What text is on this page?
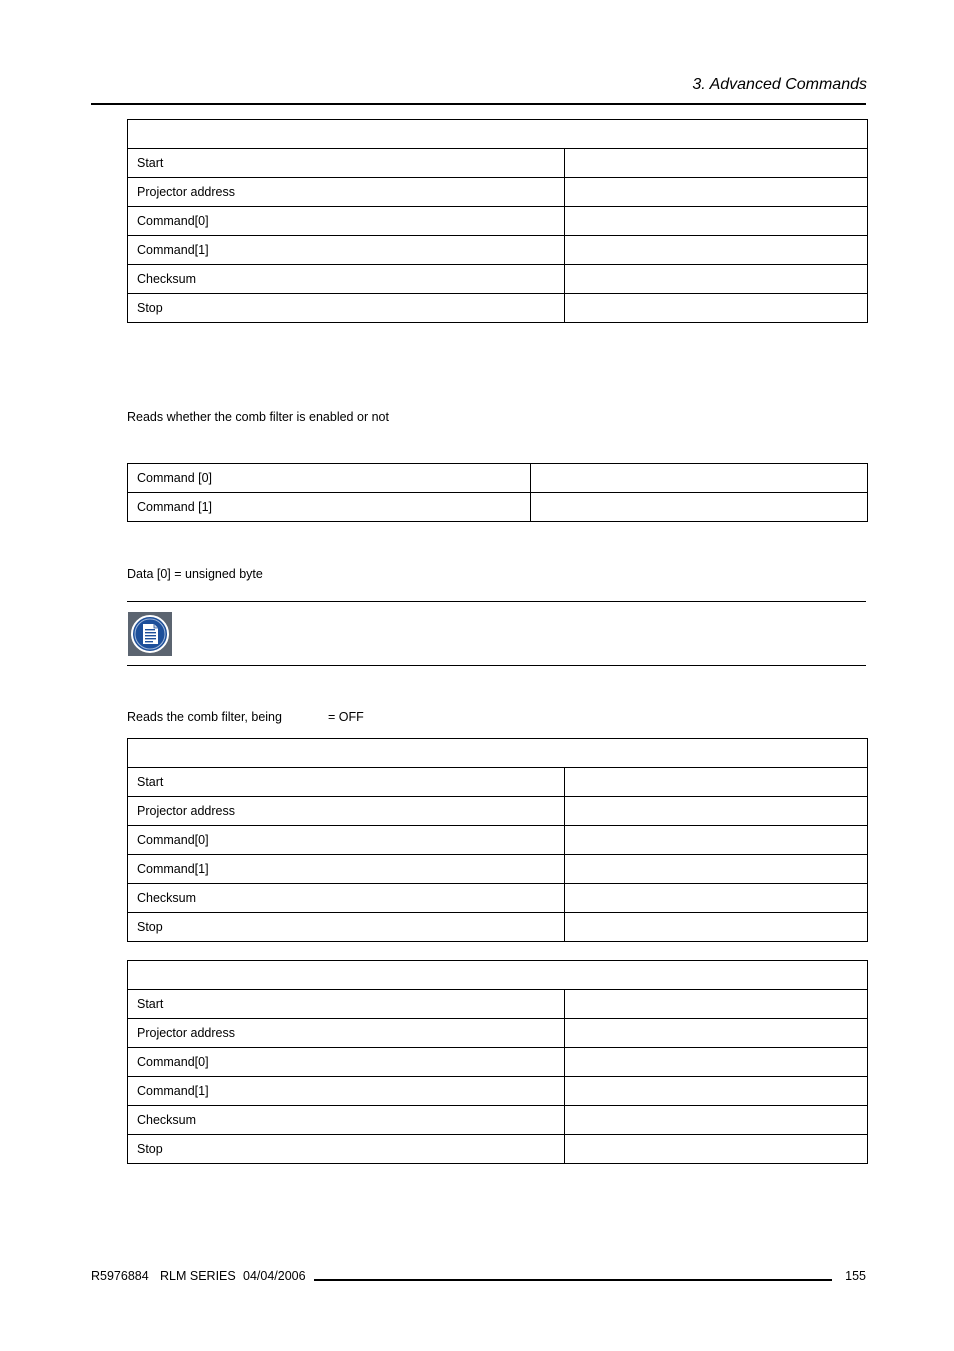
3. Advanced Commands

Start	
Projector address	
Command[0]	
Command[1]	
Checksum	
Stop	
Reads whether the comb filter is enabled or not
Command [0]	
Command [1]	
Data [0] = unsigned byte
Reads the comb filter, being	= OFF

Start	
Projector address	
Command[0]	
Command[1]	
Checksum	
Stop	

Start	
Projector address	
Command[0]	
Command[1]	
Checksum	
Stop	
R5976884 RLM SERIES 04/04/2006	155
